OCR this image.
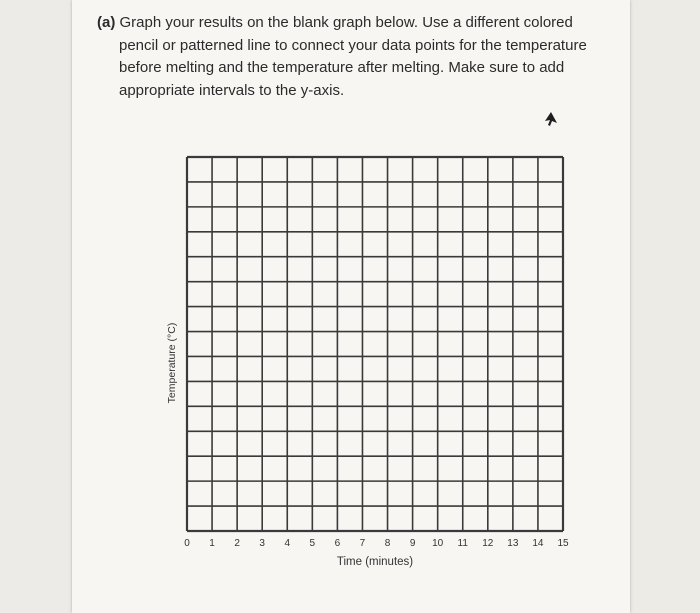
(a) Graph your results on the blank graph below. Use a different colored
pencil or patterned line to connect your data points for the temperature
before melting and the temperature after melting. Make sure to add
appropriate intervals to the y-axis.
Temperature (°C)
0 1 2 3 4 5 6 7 8 9 10 11 12 13 14 15
Time (minutes)
